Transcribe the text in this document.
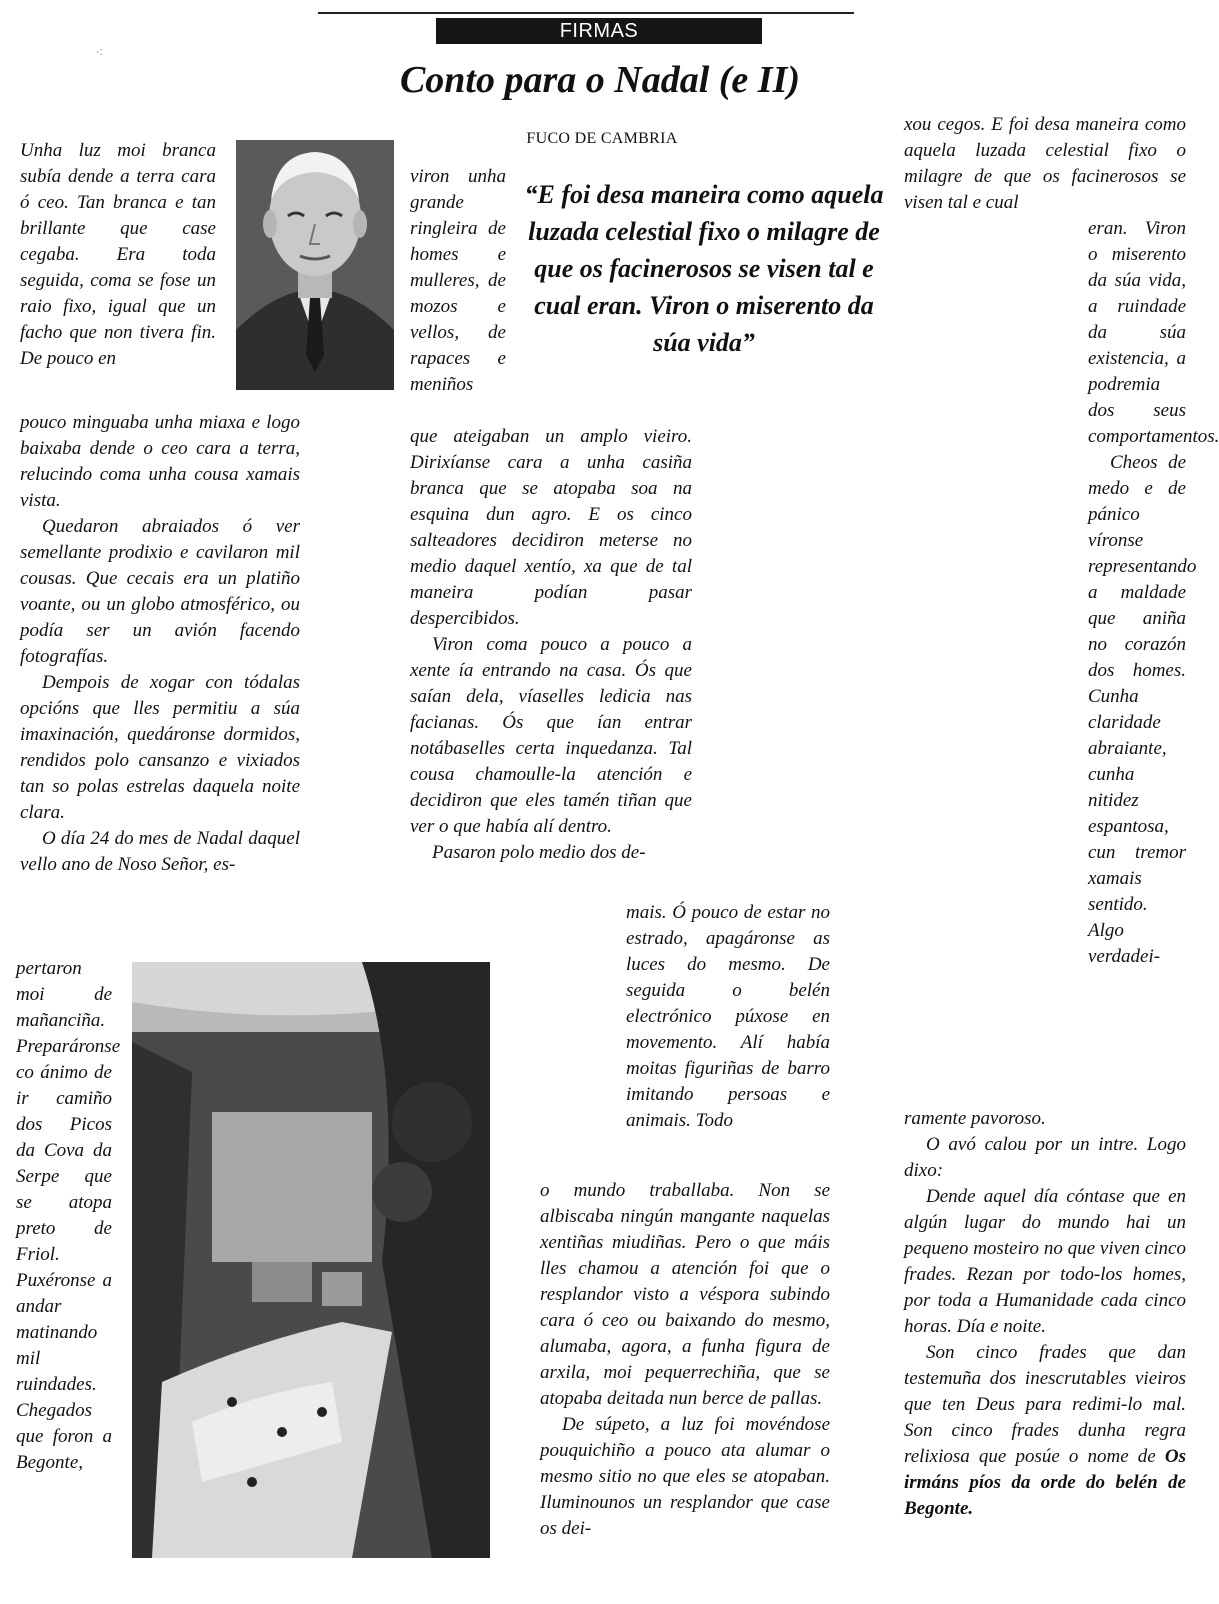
FIRMAS
·:
Conto para o Nadal (e II)
FUCO DE CAMBRIA

Unha luz moi branca subía dende a terra cara ó ceo. Tan branca e tan brillante que case cegaba. Era toda seguida, coma se fose un raio fixo, igual que un facho que non tivera fin. De pouco en

pouco minguaba unha miaxa e logo baixaba dende o ceo cara a terra, relucindo coma unha cousa xamais vista.

Quedaron abraiados ó ver semellante prodixio e cavilaron mil cousas. Que cecais era un platiño voante, ou un globo atmosférico, ou podía ser un avión facendo fotografías.

Dempois de xogar con tódalas opcións que lles permitiu a súa imaxinación, quedáronse dormidos, rendidos polo cansanzo e vixiados tan so polas estrelas daquela noite clara.

O día 24 do mes de Nadal daquel vello ano de Noso Señor, es-

pertaron moi de mañanciña. Preparáronse co ánimo de ir camiño dos Picos da Cova da Serpe que se atopa preto de Friol. Puxéronse a andar matinando mil ruindades. Chegados que foron a Begonte,

viron unha grande ringleira de homes e mulleres, de mozos e vellos, de rapaces e meniños

que ateigaban un amplo vieiro. Dirixíanse cara a unha casiña branca que se atopaba soa na esquina dun agro. E os cinco salteadores decidiron meterse no medio daquel xentío, xa que de tal maneira podían pasar despercibidos.

Viron coma pouco a pouco a xente ía entrando na casa. Ós que saían dela, víaselles ledicia nas facianas. Ós que ían entrar notábaselles certa inquedanza. Tal cousa chamoulle-la atención e decidiron que eles tamén tiñan que ver o que había alí dentro.

Pasaron polo medio dos de-

“E foi desa maneira como aquela luzada celestial fixo o milagre de que os facinerosos se visen tal e cual eran. Viron o miserento da súa vida”

mais. Ó pouco de estar no estrado, apagáronse as luces do mesmo. De seguida o belén electrónico púxose en movemento. Alí había moitas figuriñas de barro imitando persoas e animais. Todo

o mundo traballaba. Non se albiscaba ningún mangante naquelas xentiñas miudiñas. Pero o que máis lles chamou a atención foi que o resplandor visto a véspora subindo cara ó ceo ou baixando do mesmo, alumaba, agora, a funha figura de arxila, moi pequerrechiña, que se atopaba deitada nun berce de pallas.

De súpeto, a luz foi movéndose pouquichiño a pouco ata alumar o mesmo sitio no que eles se atopaban. Iluminounos un resplandor que case os dei-

xou cegos. E foi desa maneira como aquela luzada celestial fixo o milagre de que os facinerosos se visen tal e cual

eran. Viron o miserento da súa vida, a ruindade da súa existencia, a podremia dos seus comportamentos.

Cheos de medo e de pánico víronse representando a maldade que aniña no corazón dos homes. Cunha claridade abraiante, cunha nitidez espantosa, cun tremor xamais sentido. Algo verdadei-

ramente pavoroso.

O avó calou por un intre. Logo dixo:

Dende aquel día cóntase que en algún lugar do mundo hai un pequeno mosteiro no que viven cinco frades. Rezan por todo-los homes, por toda a Humanidade cada cinco horas. Día e noite.

Son cinco frades que dan testemuña dos inescrutables vieiros que ten Deus para redimi-lo mal. Son cinco frades dunha regra relixiosa que posúe o nome de Os irmáns píos da orde do belén de Begonte.
